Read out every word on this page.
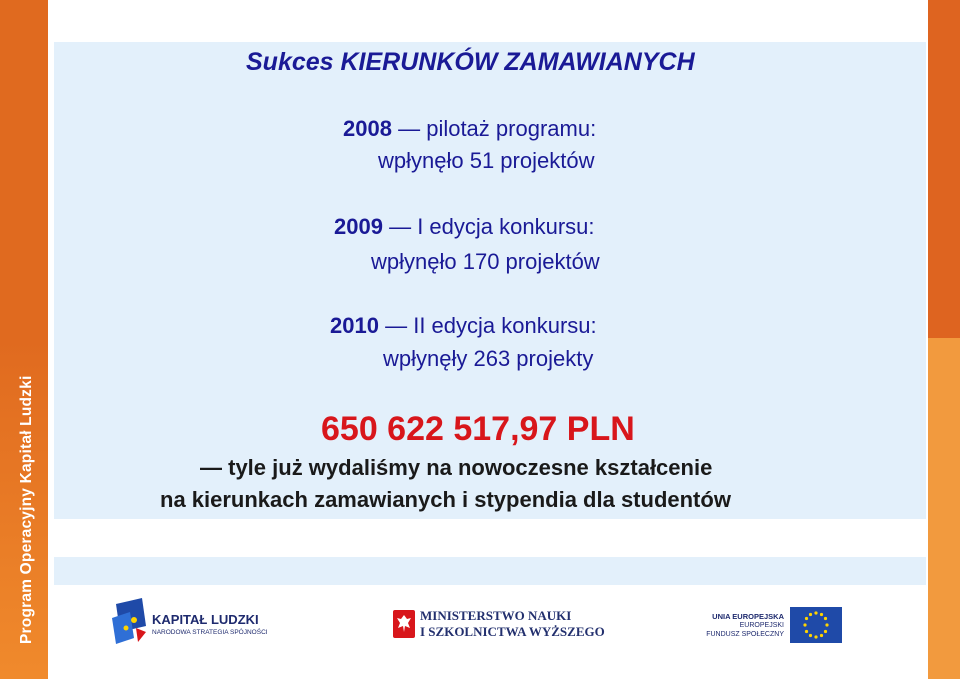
Program Operacyjny Kapitał Ludzki
Sukces KIERUNKÓW ZAMAWIANYCH
2008 — pilotaż programu:
wpłynęło 51 projektów
2009 — I edycja konkursu:
wpłynęło 170 projektów
2010 — II edycja konkursu:
wpłynęły 263 projekty
650 622 517,97 PLN
— tyle już wydaliśmy na nowoczesne kształcenie
na kierunkach zamawianych i stypendia dla studentów
KAPITAŁ LUDZKI
NARODOWA STRATEGIA SPÓJNOŚCI
MINISTERSTWO NAUKI
I SZKOLNICTWA WYŻSZEGO
UNIA EUROPEJSKA
EUROPEJSKI
FUNDUSZ SPOŁECZNY
